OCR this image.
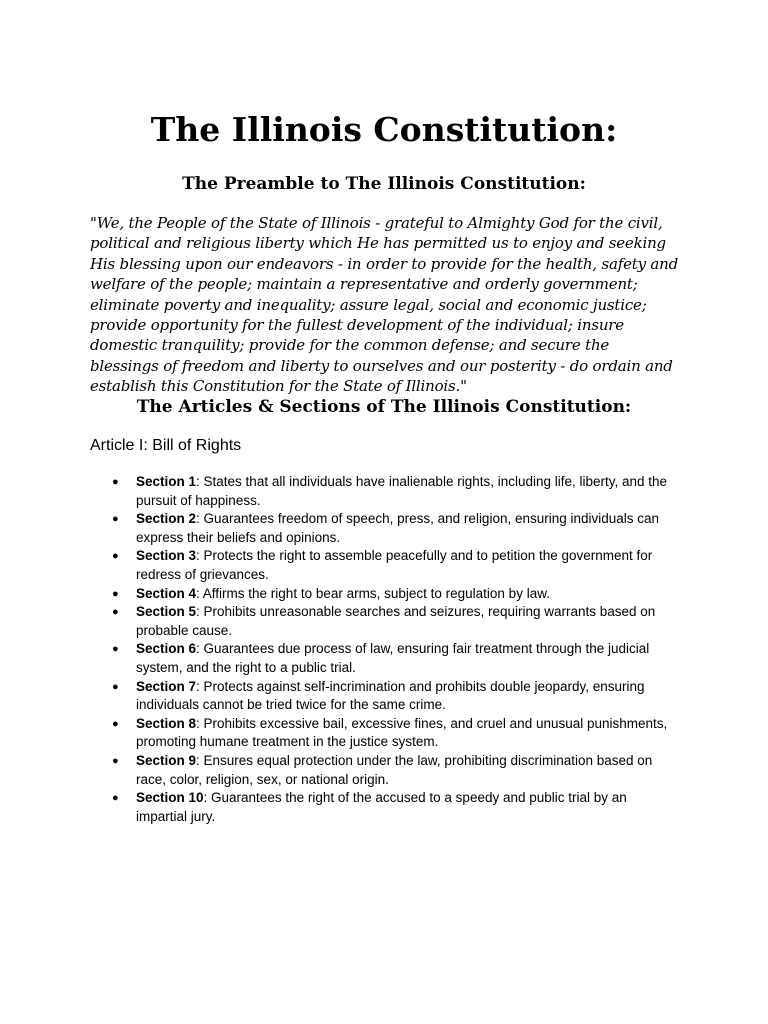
The Illinois Constitution:
The Preamble to The Illinois Constitution:

"We, the People of the State of Illinois - grateful to Almighty God for the civil, political and religious liberty which He has permitted us to enjoy and seeking His blessing upon our endeavors - in order to provide for the health, safety and welfare of the people; maintain a representative and orderly government; eliminate poverty and inequality; assure legal, social and economic justice; provide opportunity for the fullest development of the individual; insure domestic tranquility; provide for the common defense; and secure the blessings of freedom and liberty to ourselves and our posterity - do ordain and establish this Constitution for the State of Illinois."

The Articles & Sections of The Illinois Constitution:
Article I: Bill of Rights
● Section 1: States that all individuals have inalienable rights, including life, liberty, and the pursuit of happiness.
● Section 2: Guarantees freedom of speech, press, and religion, ensuring individuals can express their beliefs and opinions.
● Section 3: Protects the right to assemble peacefully and to petition the government for redress of grievances.
● Section 4: Affirms the right to bear arms, subject to regulation by law.
● Section 5: Prohibits unreasonable searches and seizures, requiring warrants based on probable cause.
● Section 6: Guarantees due process of law, ensuring fair treatment through the judicial system, and the right to a public trial.
● Section 7: Protects against self-incrimination and prohibits double jeopardy, ensuring individuals cannot be tried twice for the same crime.
● Section 8: Prohibits excessive bail, excessive fines, and cruel and unusual punishments, promoting humane treatment in the justice system.
● Section 9: Ensures equal protection under the law, prohibiting discrimination based on race, color, religion, sex, or national origin.
● Section 10: Guarantees the right of the accused to a speedy and public trial by an impartial jury.
